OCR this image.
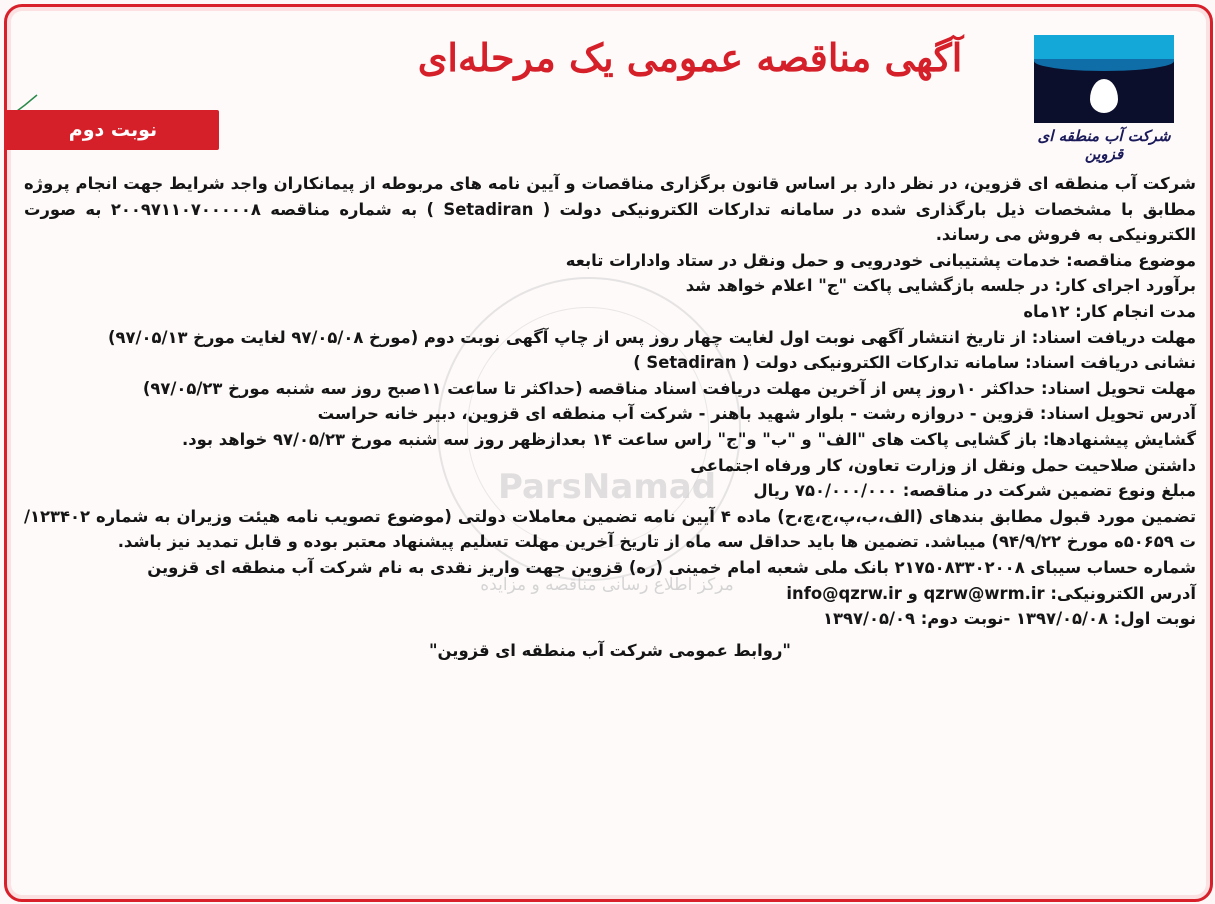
آگهی مناقصه عمومی یک مرحله‌ای
شرکت آب منطقه ای قزوین
نوبت دوم
ParsNamad
مرکز اطلاع رسانی مناقصه و مزایده

شرکت آب منطقه ای قزوین، در نظر دارد بر اساس قانون برگزاری مناقصات و آیین نامه های مربوطه از پیمانکاران واجد شرایط جهت انجام پروژه مطابق با مشخصات ذیل بارگذاری شده در سامانه تدارکات الکترونیکی دولت ( Setadiran ) به شماره مناقصه ۲۰۰۹۷۱۱۰۷۰۰۰۰۰۸ به صورت الکترونیکی به فروش می رساند.

موضوع مناقصه: خدمات پشتیبانی خودرویی و حمل ونقل در ستاد وادارات تابعه

برآورد اجرای کار: در جلسه بازگشایی پاکت "ج" اعلام خواهد شد

مدت انجام کار: ۱۲ماه

مهلت دریافت اسناد: از تاریخ انتشار آگهی نوبت اول لغایت چهار روز پس از چاپ آگهی نوبت دوم (مورخ ۹۷/۰۵/۰۸ لغایت مورخ ۹۷/۰۵/۱۳)

نشانی دریافت اسناد: سامانه تدارکات الکترونیکی دولت ( Setadiran )

مهلت تحویل اسناد: حداکثر ۱۰روز پس از آخرین مهلت دریافت اسناد مناقصه (حداکثر تا ساعت ۱۱صبح روز سه شنبه مورخ ۹۷/۰۵/۲۳)

آدرس تحویل اسناد: قزوین - دروازه رشت - بلوار شهید باهنر - شرکت آب منطقه ای قزوین، دبیر خانه حراست

گشایش پیشنهادها: باز گشایی پاکت های "الف" و "ب" و"ج" راس ساعت ۱۴ بعدازظهر روز سه شنبه مورخ ۹۷/۰۵/۲۳ خواهد بود.

داشتن صلاحیت حمل ونقل از وزارت تعاون، کار ورفاه اجتماعی

مبلغ ونوع تضمین شرکت در مناقصه: ۷۵۰/۰۰۰/۰۰۰ ریال

تضمین مورد قبول مطابق بندهای (الف،ب،پ،ج،چ،ح) ماده ۴ آیین نامه تضمین معاملات دولتی (موضوع تصویب نامه هیئت وزیران به شماره ۱۲۳۴۰۲/ت ۵۰۶۵۹ه مورخ ۹۴/۹/۲۲) میباشد. تضمین ها باید حداقل سه ماه از تاریخ آخرین مهلت تسلیم پیشنهاد معتبر بوده و قابل تمدید نیز باشد.

شماره حساب سیبای ۲۱۷۵۰۸۳۳۰۲۰۰۸ بانک ملی شعبه امام خمینی (ره) قزوین جهت واریز نقدی به نام شرکت آب منطقه ای قزوین

آدرس الکترونیکی: qzrw@wrm.ir و info@qzrw.ir

نوبت اول: ۱۳۹۷/۰۵/۰۸ -نوبت دوم: ۱۳۹۷/۰۵/۰۹

"روابط عمومی شرکت آب منطقه ای قزوین"
